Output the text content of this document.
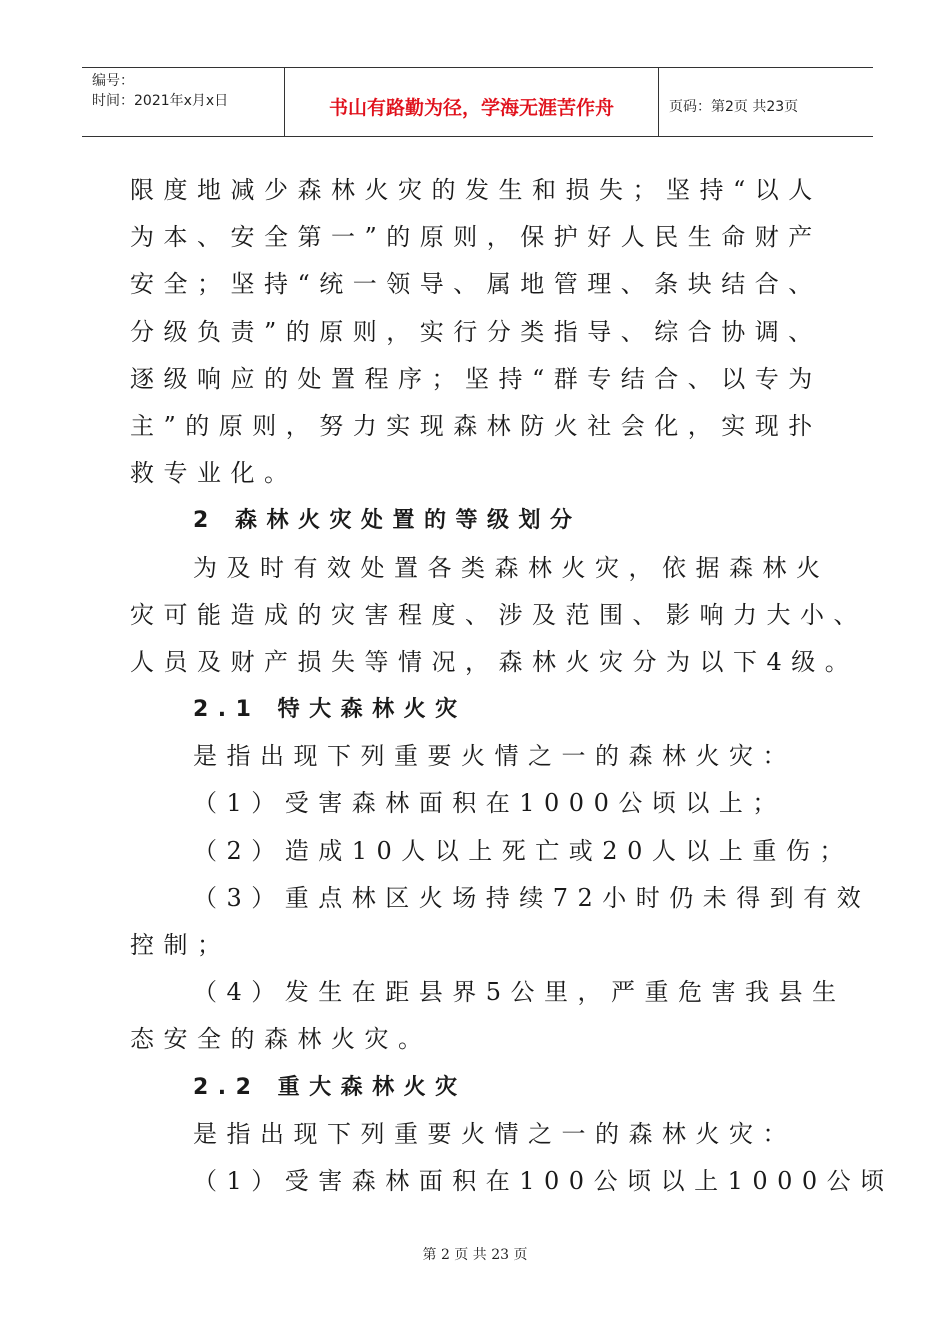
编号：
时间：2021年x月x日	书山有路勤为径，学海无涯苦作舟	页码：第2页 共23页
限度地减少森林火灾的发生和损失；坚持“以人
为本、安全第一”的原则，保护好人民生命财产
安全；坚持“统一领导、属地管理、条块结合、
分级负责”的原则，实行分类指导、综合协调、
逐级响应的处置程序；坚持“群专结合、以专为
主”的原则，努力实现森林防火社会化，实现扑
救专业化。
2 森林火灾处置的等级划分
为及时有效处置各类森林火灾，依据森林火
灾可能造成的灾害程度、涉及范围、影响力大小、
人员及财产损失等情况，森林火灾分为以下4级。
2.1 特大森林火灾
是指出现下列重要火情之一的森林火灾：
（1）受害森林面积在1000公顷以上；
（2）造成10人以上死亡或20人以上重伤；
（3）重点林区火场持续72小时仍未得到有效
控制；
（4）发生在距县界5公里，严重危害我县生
态安全的森林火灾。
2.2 重大森林火灾
是指出现下列重要火情之一的森林火灾：
（1）受害森林面积在100公顷以上1000公顷
第 2 页 共 23 页
